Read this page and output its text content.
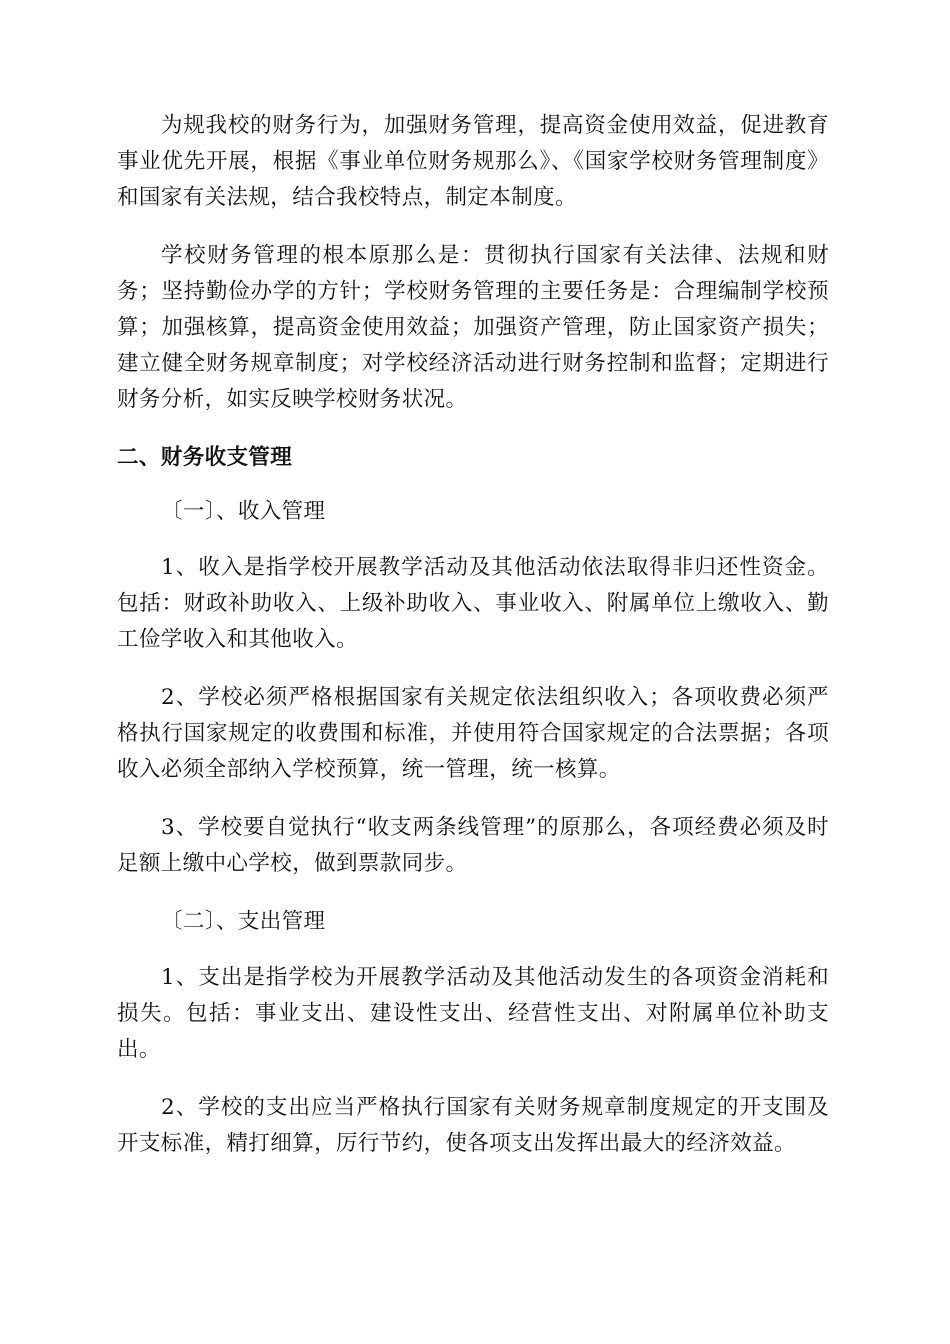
为规我校的财务行为，加强财务管理，提高资金使用效益，促进教育事业优先开展，根据《事业单位财务规那么》、《国家学校财务管理制度》和国家有关法规，结合我校特点，制定本制度。

学校财务管理的根本原那么是：贯彻执行国家有关法律、法规和财务；坚持勤俭办学的方针；学校财务管理的主要任务是：合理编制学校预算；加强核算，提高资金使用效益；加强资产管理，防止国家资产损失；建立健全财务规章制度；对学校经济活动进行财务控制和监督；定期进行财务分析，如实反映学校财务状况。

二、财务收支管理

〔一〕、收入管理

1、收入是指学校开展教学活动及其他活动依法取得非归还性资金。包括：财政补助收入、上级补助收入、事业收入、附属单位上缴收入、勤工俭学收入和其他收入。

2、学校必须严格根据国家有关规定依法组织收入；各项收费必须严格执行国家规定的收费围和标准，并使用符合国家规定的合法票据；各项收入必须全部纳入学校预算，统一管理，统一核算。

3、学校要自觉执行“收支两条线管理”的原那么，各项经费必须及时足额上缴中心学校，做到票款同步。

〔二〕、支出管理

1、支出是指学校为开展教学活动及其他活动发生的各项资金消耗和损失。包括：事业支出、建设性支出、经营性支出、对附属单位补助支出。

2、学校的支出应当严格执行国家有关财务规章制度规定的开支围及开支标准，精打细算，厉行节约，使各项支出发挥出最大的经济效益。
